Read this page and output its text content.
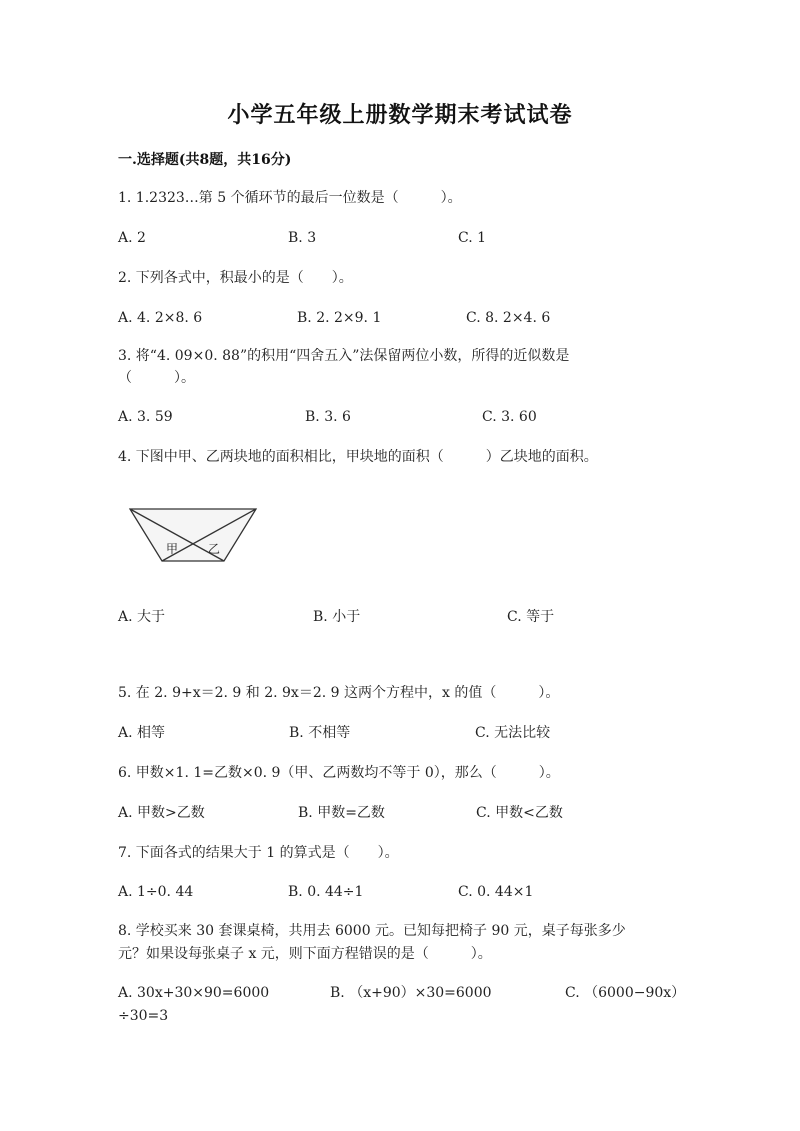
小学五年级上册数学期末考试试卷
一.选择题(共8题，共16分)
1. 1.2323…第 5 个循环节的最后一位数是（　　　）。
A. 2	B. 3	C. 1
2. 下列各式中，积最小的是（　　）。
A. 4. 2×8. 6	B. 2. 2×9. 1	C. 8. 2×4. 6
3. 将“4. 09×0. 88”的积用“四舍五入”法保留两位小数，所得的近似数是
（　　　）。
A. 3. 59	B. 3. 6	C. 3. 60
4. 下图中甲、乙两块地的面积相比，甲块地的面积（　　　）乙块地的面积。
甲 乙
A. 大于	B. 小于	C. 等于
5. 在 2. 9+x＝2. 9 和 2. 9x＝2. 9 这两个方程中，x 的值（　　　）。
A. 相等	B. 不相等	C. 无法比较
6. 甲数×1. 1=乙数×0. 9（甲、乙两数均不等于 0），那么（　　　）。
A. 甲数>乙数	B. 甲数=乙数	C. 甲数<乙数
7. 下面各式的结果大于 1 的算式是（　　）。
A. 1÷0. 44	B. 0. 44÷1	C. 0. 44×1
8. 学校买来 30 套课桌椅，共用去 6000 元。已知每把椅子 90 元，桌子每张多少
元？如果设每张桌子 x 元，则下面方程错误的是（　　　）。
A. 30x+30×90=6000	B. （x+90）×30=6000	C. （6000−90x）
÷30=3
